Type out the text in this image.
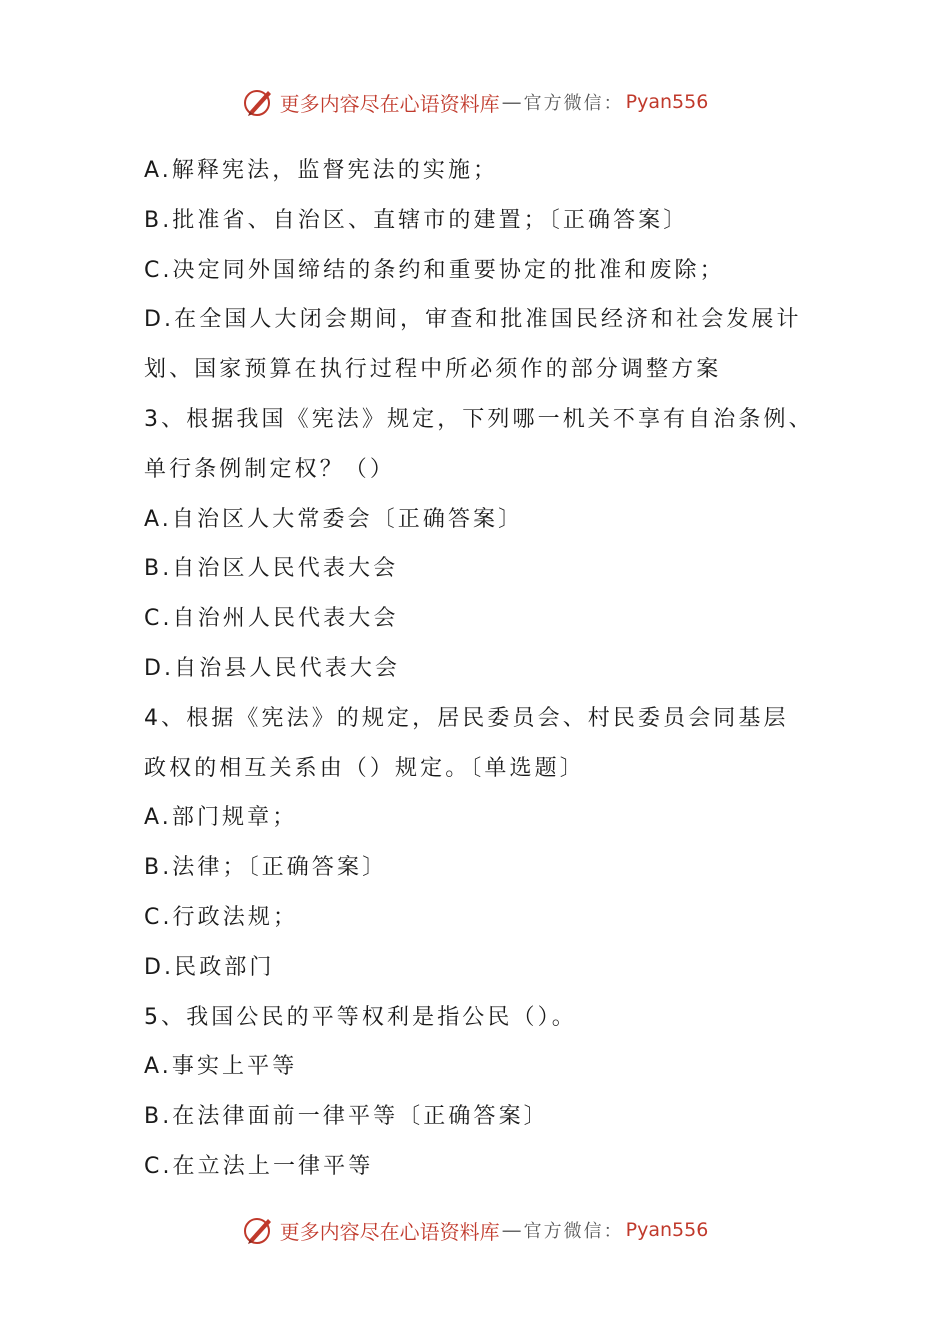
更多内容尽在心语资料库 — 官方微信： Pyan556
A.解释宪法，监督宪法的实施；
B.批准省、自治区、直辖市的建置；〔正确答案〕
C.决定同外国缔结的条约和重要协定的批准和废除；
D.在全国人大闭会期间，审查和批准国民经济和社会发展计
划、国家预算在执行过程中所必须作的部分调整方案
3、根据我国《宪法》规定，下列哪一机关不享有自治条例、
单行条例制定权？（）
A.自治区人大常委会〔正确答案〕
B.自治区人民代表大会
C.自治州人民代表大会
D.自治县人民代表大会
4、根据《宪法》的规定，居民委员会、村民委员会同基层
政权的相互关系由（）规定。〔单选题〕
A.部门规章；
B.法律；〔正确答案〕
C.行政法规；
D.民政部门
5、我国公民的平等权利是指公民（）。
A.事实上平等
B.在法律面前一律平等〔正确答案〕
C.在立法上一律平等
更多内容尽在心语资料库 — 官方微信： Pyan556
